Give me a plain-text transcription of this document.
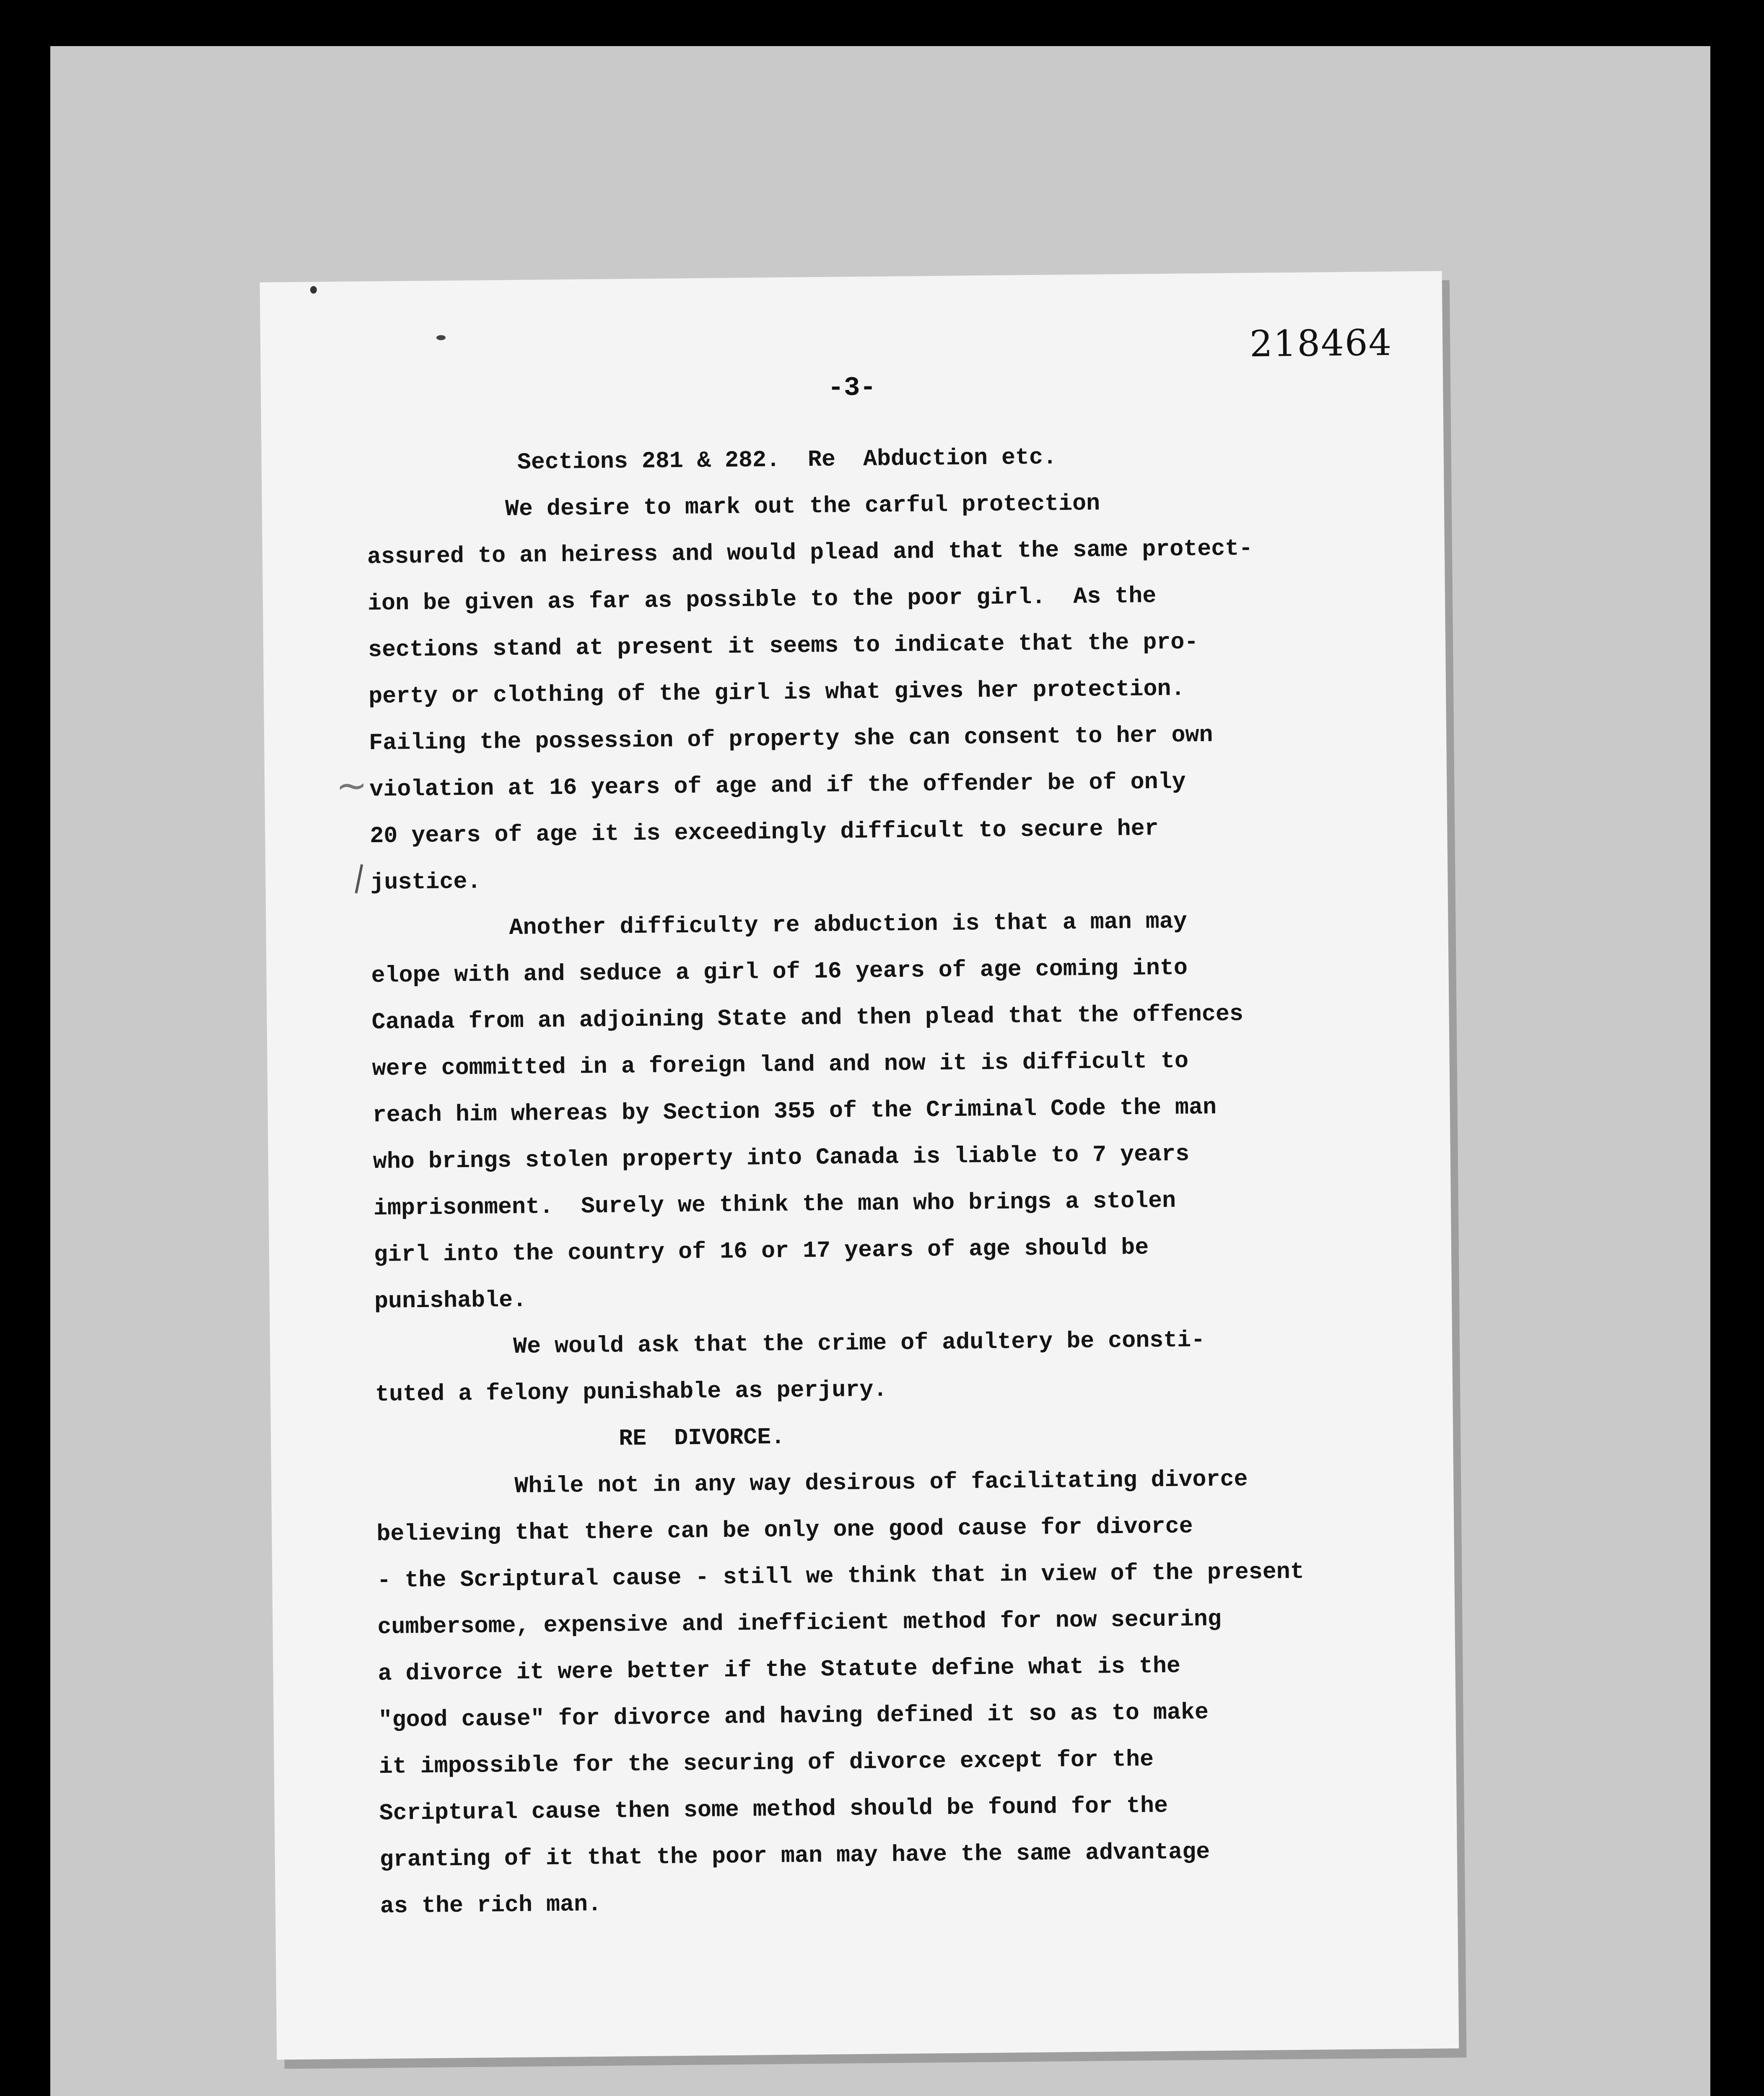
218464
-3-
~
Sections 281 & 282.  Re  Abduction etc.
We desire to mark out the carful protection
assured to an heiress and would plead and that the same protect-
ion be given as far as possible to the poor girl.  As the
sections stand at present it seems to indicate that the pro-
perty or clothing of the girl is what gives her protection.
Failing the possession of property she can consent to her own
violation at 16 years of age and if the offender be of only
20 years of age it is exceedingly difficult to secure her
justice.
Another difficulty re abduction is that a man may
elope with and seduce a girl of 16 years of age coming into
Canada from an adjoining State and then plead that the offences
were committed in a foreign land and now it is difficult to
reach him whereas by Section 355 of the Criminal Code the man
who brings stolen property into Canada is liable to 7 years
imprisonment.  Surely we think the man who brings a stolen
girl into the country of 16 or 17 years of age should be
punishable.
We would ask that the crime of adultery be consti-
tuted a felony punishable as perjury.
RE  DIVORCE.
While not in any way desirous of facilitating divorce
believing that there can be only one good cause for divorce
- the Scriptural cause - still we think that in view of the present
cumbersome, expensive and inefficient method for now securing
a divorce it were better if the Statute define what is the
"good cause" for divorce and having defined it so as to make
it impossible for the securing of divorce except for the
Scriptural cause then some method should be found for the
granting of it that the poor man may have the same advantage
as the rich man.
